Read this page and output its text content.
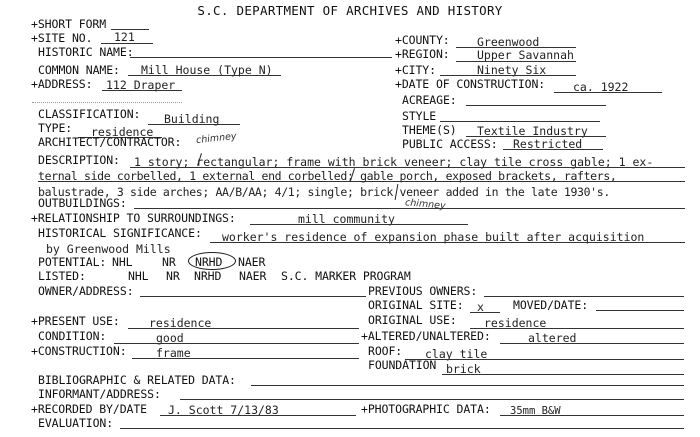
S.C. DEPARTMENT OF ARCHIVES AND HISTORY
+SHORT FORM
+SITE NO. 121	+COUNTY: Greenwood
HISTORIC NAME:	+REGION: Upper Savannah
COMMON NAME: Mill House (Type N)	+CITY:	Ninety Six
+ADDRESS: 112 Draper	+DATE OF CONSTRUCTION: ca. 1922
ACREAGE:
CLASSIFICATION: Building	STYLE
TYPE: residence	THEME(S) Textile Industry
ARCHITECT/CONTRACTOR: chimney	PUBLIC ACCESS: Restricted
DESCRIPTION: 1 story; rectangular; frame with brick veneer; clay tile cross gable; 1 ex-
ternal side corbelled, 1 external end corbelled; gable porch, exposed brackets, rafters,
balustrade, 3 side arches; AA/B/AA; 4/1; single; brick veneer added in the late 1930's.
OUTBUILDINGS:	chimney
+RELATIONSHIP TO SURROUNDINGS:	mill community
HISTORICAL SIGNIFICANCE: worker's residence of expansion phase built after acquisition
by Greenwood Mills
POTENTIAL: NHL	NR NRHD NAER
LISTED:	NHL NR NRHD NAER S.C. MARKER PROGRAM
OWNER/ADDRESS:	PREVIOUS OWNERS:
ORIGINAL SITE: x	MOVED/DATE:
+PRESENT USE:	residence	ORIGINAL USE: residence
CONDITION:	good	+ALTERED/UNALTERED:	altered
+CONSTRUCTION:	frame	ROOF: clay tile
FOUNDATION brick
BIBLIOGRAPHIC & RELATED DATA:
INFORMANT/ADDRESS:
+RECORDED BY/DATE J. Scott 7/13/83	+PHOTOGRAPHIC DATA: 35mm B&W
EVALUATION:
